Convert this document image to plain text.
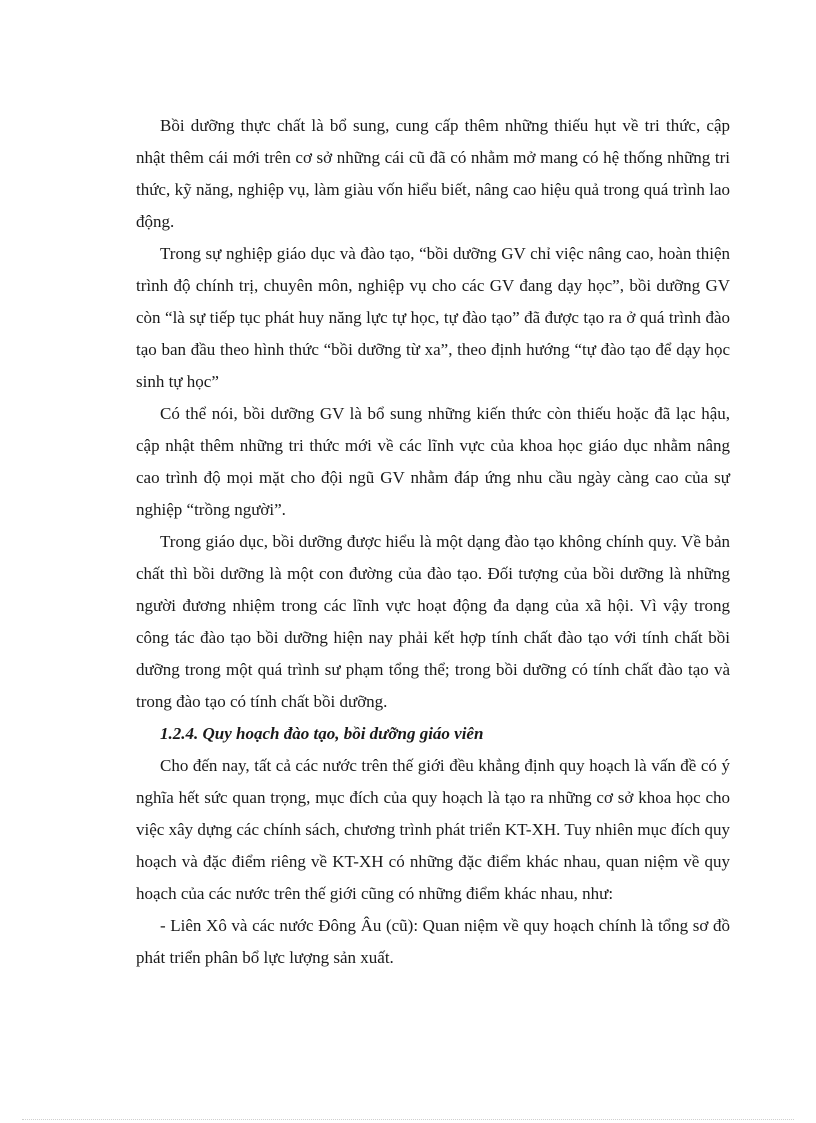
Bồi dưỡng thực chất là bổ sung, cung cấp thêm những thiếu hụt về tri thức, cập nhật thêm cái mới trên cơ sở những cái cũ đã có nhằm mở mang có hệ thống những tri thức, kỹ năng, nghiệp vụ, làm giàu vốn hiểu biết, nâng cao hiệu quả trong quá trình lao động.

Trong sự nghiệp giáo dục và đào tạo, “bồi dưỡng GV chỉ việc nâng cao, hoàn thiện trình độ chính trị, chuyên môn, nghiệp vụ cho các GV đang dạy học”, bồi dưỡng GV còn “là sự tiếp tục phát huy năng lực tự học, tự đào tạo” đã được tạo ra ở quá trình đào tạo ban đầu theo hình thức “bồi dưỡng từ xa”, theo định hướng “tự đào tạo để dạy học sinh tự học”

Có thể nói, bồi dưỡng GV là bổ sung những kiến thức còn thiếu hoặc đã lạc hậu, cập nhật thêm những tri thức mới về các lĩnh vực của khoa học giáo dục nhằm nâng cao trình độ mọi mặt cho đội ngũ GV nhằm đáp ứng nhu cầu ngày càng cao của sự nghiệp “trồng người”.

Trong giáo dục, bồi dưỡng được hiểu là một dạng đào tạo không chính quy. Về bản chất thì bồi dưỡng là một con đường của đào tạo. Đối tượng của bồi dưỡng là những người đương nhiệm trong các lĩnh vực hoạt động đa dạng của xã hội. Vì vậy trong công tác đào tạo bồi dưỡng hiện nay phải kết hợp tính chất đào tạo với tính chất bồi dưỡng trong một quá trình sư phạm tổng thể; trong bồi dưỡng có tính chất đào tạo và trong đào tạo có tính chất bồi dưỡng.

1.2.4. Quy hoạch đào tạo, bồi dưỡng giáo viên

Cho đến nay, tất cả các nước trên thế giới đều khẳng định quy hoạch là vấn đề có ý nghĩa hết sức quan trọng, mục đích của quy hoạch là tạo ra những cơ sở khoa học cho việc xây dựng các chính sách, chương trình phát triển KT-XH. Tuy nhiên mục đích quy hoạch và đặc điểm riêng về KT-XH có những đặc điểm khác nhau, quan niệm về quy hoạch của các nước trên thế giới cũng có những điểm khác nhau, như:

- Liên Xô và các nước Đông Âu (cũ): Quan niệm về quy hoạch chính là tổng sơ đồ phát triển phân bổ lực lượng sản xuất.
